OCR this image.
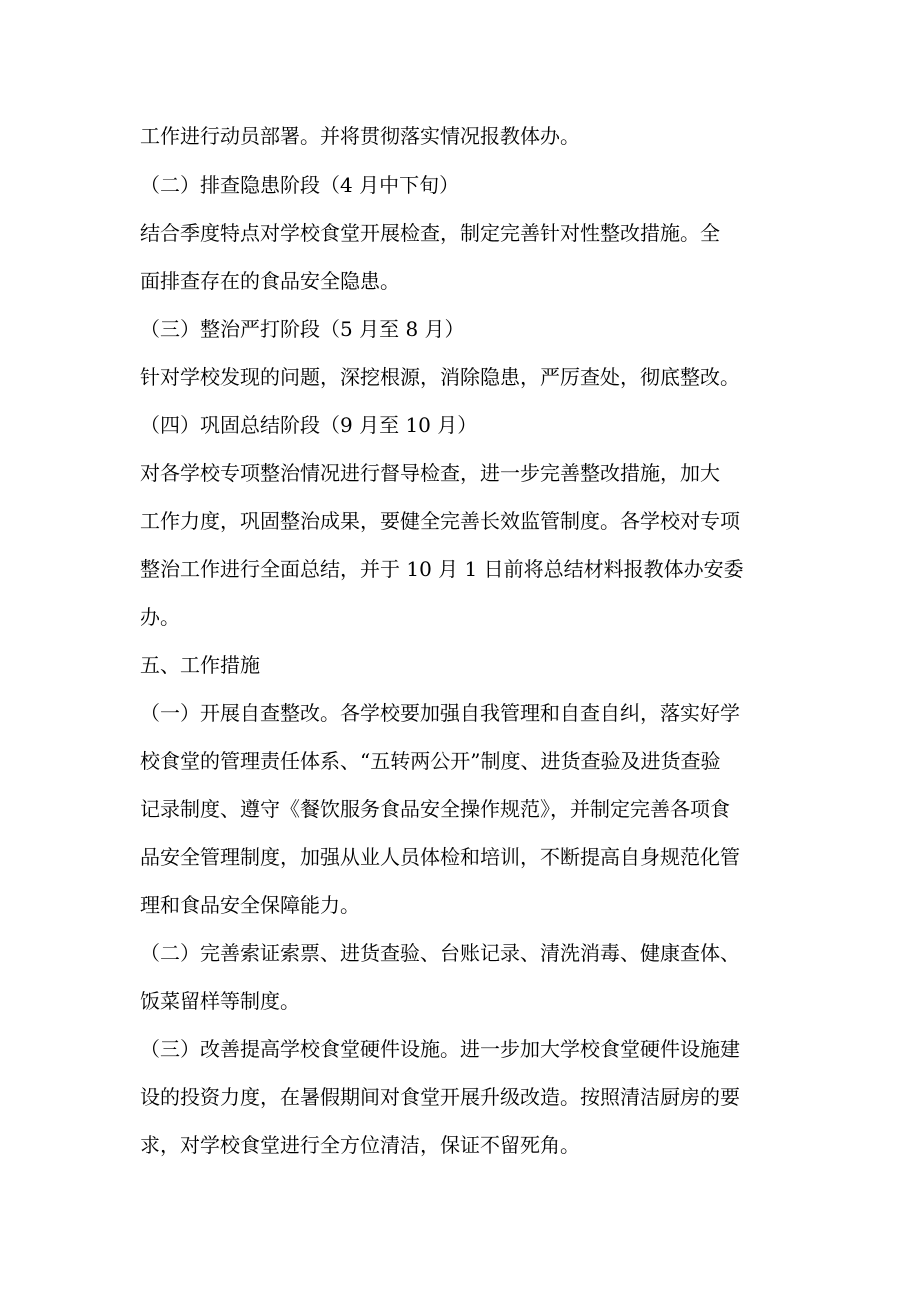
工作进行动员部署。并将贯彻落实情况报教体办。
（二）排查隐患阶段（4 月中下旬）
结合季度特点对学校食堂开展检查，制定完善针对性整改措施。全
面排查存在的食品安全隐患。
（三）整治严打阶段（5 月至 8 月）
针对学校发现的问题，深挖根源，消除隐患，严厉查处，彻底整改。
（四）巩固总结阶段（9 月至 10 月）
对各学校专项整治情况进行督导检查，进一步完善整改措施，加大
工作力度，巩固整治成果，要健全完善长效监管制度。各学校对专项
整治工作进行全面总结，并于 10 月 1 日前将总结材料报教体办安委
办。
五、工作措施
（一）开展自查整改。各学校要加强自我管理和自查自纠，落实好学
校食堂的管理责任体系、“五转两公开”制度、进货查验及进货查验
记录制度、遵守《餐饮服务食品安全操作规范》，并制定完善各项食
品安全管理制度，加强从业人员体检和培训，不断提高自身规范化管
理和食品安全保障能力。
（二）完善索证索票、进货查验、台账记录、清洗消毒、健康查体、
饭菜留样等制度。
（三）改善提高学校食堂硬件设施。进一步加大学校食堂硬件设施建
设的投资力度，在暑假期间对食堂开展升级改造。按照清洁厨房的要
求，对学校食堂进行全方位清洁，保证不留死角。
